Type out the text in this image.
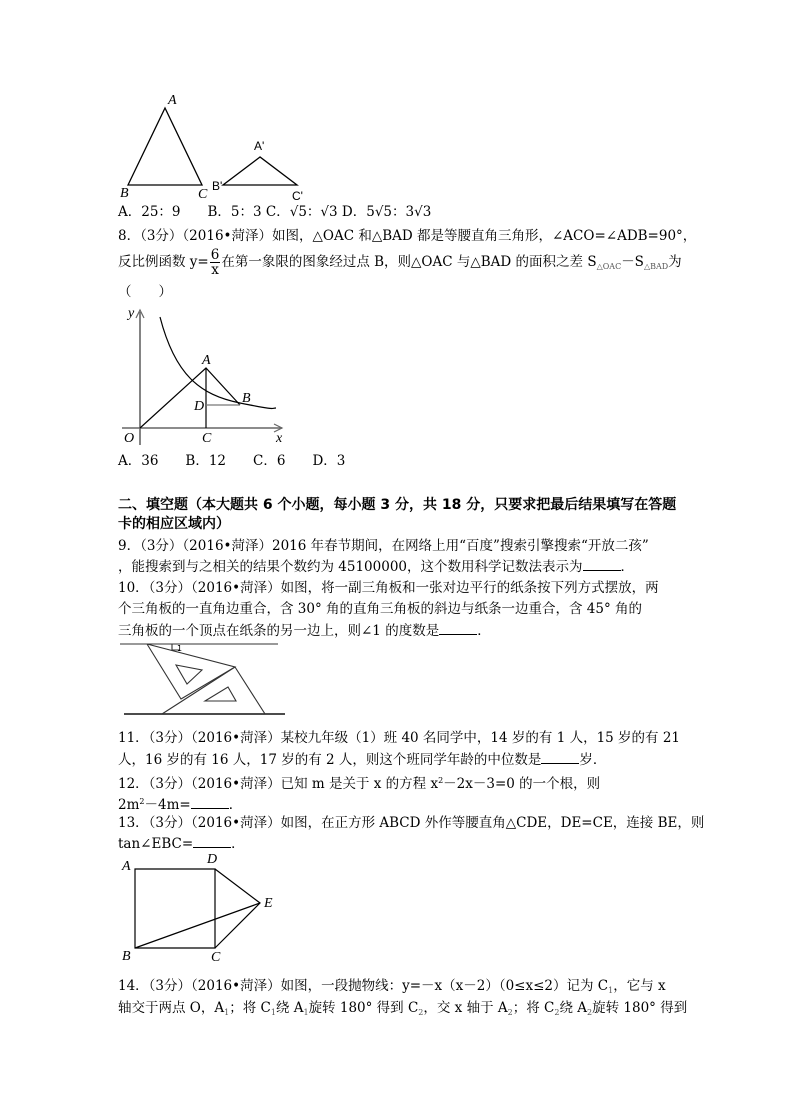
A
B	C
A'
B'
C'
y
x
O
A
B
C
D
1
A	D
E
B	C
A．25：9　　B．5：3 C．√5：√3 D．5√5：3√3
8．（3分）（2016•菏泽）如图，△OAC 和△BAD 都是等腰直角三角形，∠ACO=∠ADB=90°，
反比例函数 $y= \frac{6}{x}$ 在第一象限的图象经过点 B，则△OAC 与△BAD 的面积之差 $S_{\triangle OAC}-S_{\triangle BAD}$为
（　　）
A．36　　B．12　　C．6　　D．3
二、填空题（本大题共 6 个小题，每小题 3 分，共 18 分，只要求把最后结果填写在答题
卡的相应区域内）
9．（3分）（2016•菏泽）2016 年春节期间，在网络上用“百度”搜索引擎搜索“开放二孩”
，能搜索到与之相关的结果个数约为 45100000，这个数用科学记数法表示为	．
10．（3分）（2016•菏泽）如图，将一副三角板和一张对边平行的纸条按下列方式摆放，两
个三角板的一直角边重合，含 30° 角的直角三角板的斜边与纸条一边重合，含 45° 角的
三角板的一个顶点在纸条的另一边上，则∠1 的度数是	．
11．（3分）（2016•菏泽）某校九年级（1）班 40 名同学中，14 岁的有 1 人，15 岁的有 21
人，16 岁的有 16 人，17 岁的有 2 人，则这个班同学年龄的中位数是	岁．
12．（3分）（2016•菏泽）已知 m 是关于 x 的方程 $x^2-2x-3=0$ 的一个根，则
$2m^2-4m=$	．
13．（3分）（2016•菏泽）如图，在正方形 ABCD 外作等腰直角△CDE，DE=CE，连接 BE，则
tan∠EBC=	．
14．（3分）（2016•菏泽）如图，一段抛物线：y=－x（x－2）（0≤x≤2）记为 $C_1$，它与 x
轴交于两点 O，$A_1$；将 $C_1$绕 $A_1$旋转 180° 得到 $C_2$，交 x 轴于 $A_2$；将 $C_2$绕 $A_2$旋转 180° 得到
